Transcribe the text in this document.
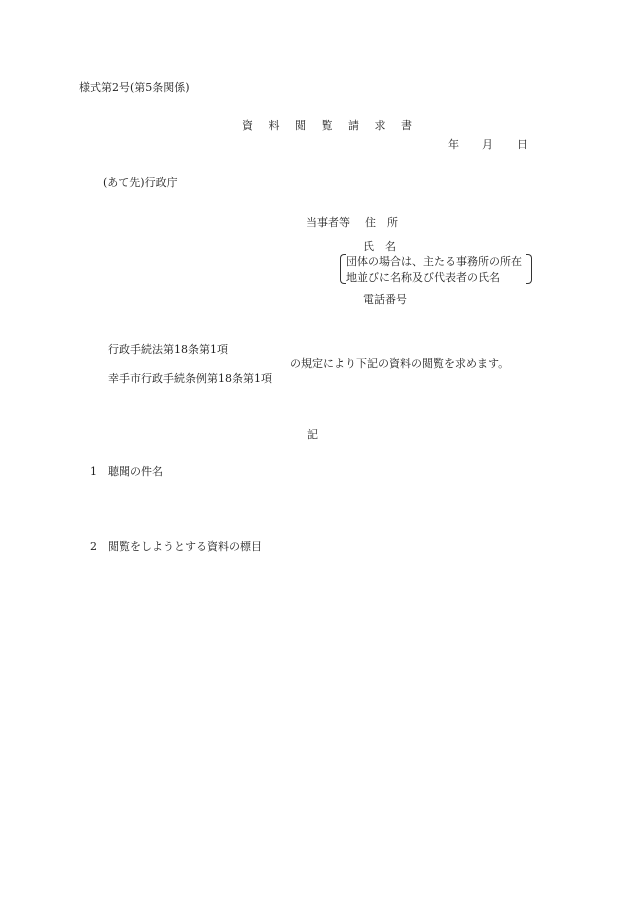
様式第2号(第5条関係)
資 料 閲 覧 請 求 書
年 月 日
(あて先)行政庁
当事者等 住　所
氏　名
団体の場合は、主たる事務所の所在
地並びに名称及び代表者の氏名
電話番号
行政手続法第18条第1項
の規定により下記の資料の閲覧を求めます。
幸手市行政手続条例第18条第1項
記
1 聴聞の件名
2 閲覧をしようとする資料の標目
